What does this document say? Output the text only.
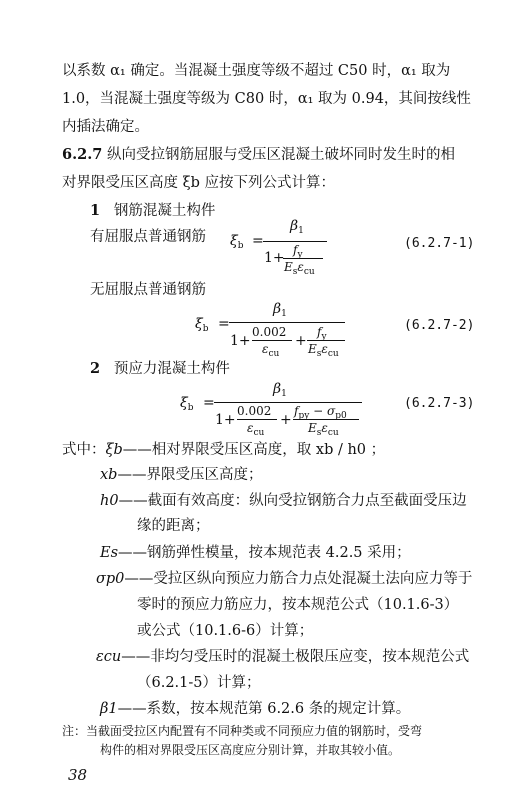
以系数 α₁ 确定。当混凝土强度等级不超过 C50 时，α₁ 取为
1.0，当混凝土强度等级为 C80 时，α₁ 取为 0.94，其间按线性
内插法确定。
6.2.7 纵向受拉钢筋屈服与受压区混凝土破坏同时发生时的相
对界限受压区高度 ξb 应按下列公式计算：
1 钢筋混凝土构件
有屈服点普通钢筋 $\xi_b$ =
$\beta_1$
$1+ f_y$
$E_s\varepsilon_{cu}$
(6.2.7-1)
无屈服点普通钢筋
$\xi_b$ =
$\beta_1$
1+
0.002
$\varepsilon_{cu}$
+
$f_y$
$E_s\varepsilon_{cu}$
(6.2.7-2)
2 预应力混凝土构件
$\xi_b$ =
$\beta_1$
1+
0.002
$\varepsilon_{cu}$
+
$f_{py} - \sigma_{p0}$
$E_s\varepsilon_{cu}$
(6.2.7-3)
式中：ξb——相对界限受压区高度，取 xb / h0 ；
xb——界限受压区高度；
h0——截面有效高度：纵向受拉钢筋合力点至截面受压边
缘的距离；
Es——钢筋弹性模量，按本规范表 4.2.5 采用；
σp0——受拉区纵向预应力筋合力点处混凝土法向应力等于
零时的预应力筋应力，按本规范公式（10.1.6-3）
或公式（10.1.6-6）计算；
εcu——非均匀受压时的混凝土极限压应变，按本规范公式
（6.2.1-5）计算；
β1——系数，按本规范第 6.2.6 条的规定计算。
注：当截面受拉区内配置有不同种类或不同预应力值的钢筋时，受弯
构件的相对界限受压区高度应分别计算，并取其较小值。
38
